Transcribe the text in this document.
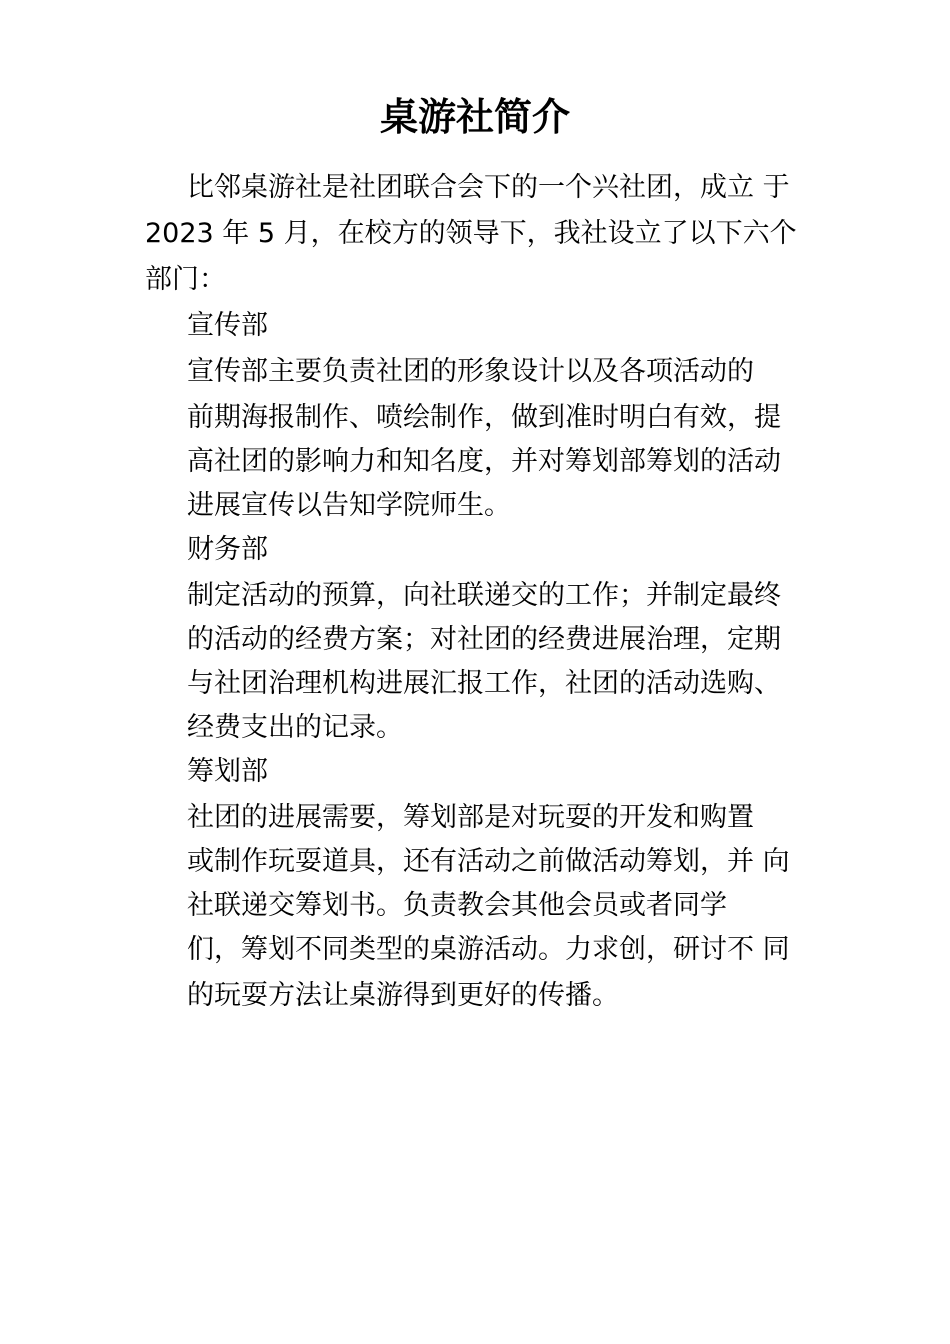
桌游社简介
比邻桌游社是社团联合会下的一个兴社团，成立 于
2023 年 5 月，在校方的领导下，我社设立了以下六个
部门：
宣传部
宣传部主要负责社团的形象设计以及各项活动的
前期海报制作、喷绘制作，做到准时明白有效，提
高社团的影响力和知名度，并对筹划部筹划的活动
进展宣传以告知学院师生。
财务部
制定活动的预算，向社联递交的工作；并制定最终
的活动的经费方案；对社团的经费进展治理，定期
与社团治理机构进展汇报工作，社团的活动选购、
经费支出的记录。
筹划部
社团的进展需要，筹划部是对玩耍的开发和购置
或制作玩耍道具，还有活动之前做活动筹划，并 向
社联递交筹划书。负责教会其他会员或者同学
们，筹划不同类型的桌游活动。力求创，研讨不 同
的玩耍方法让桌游得到更好的传播。
